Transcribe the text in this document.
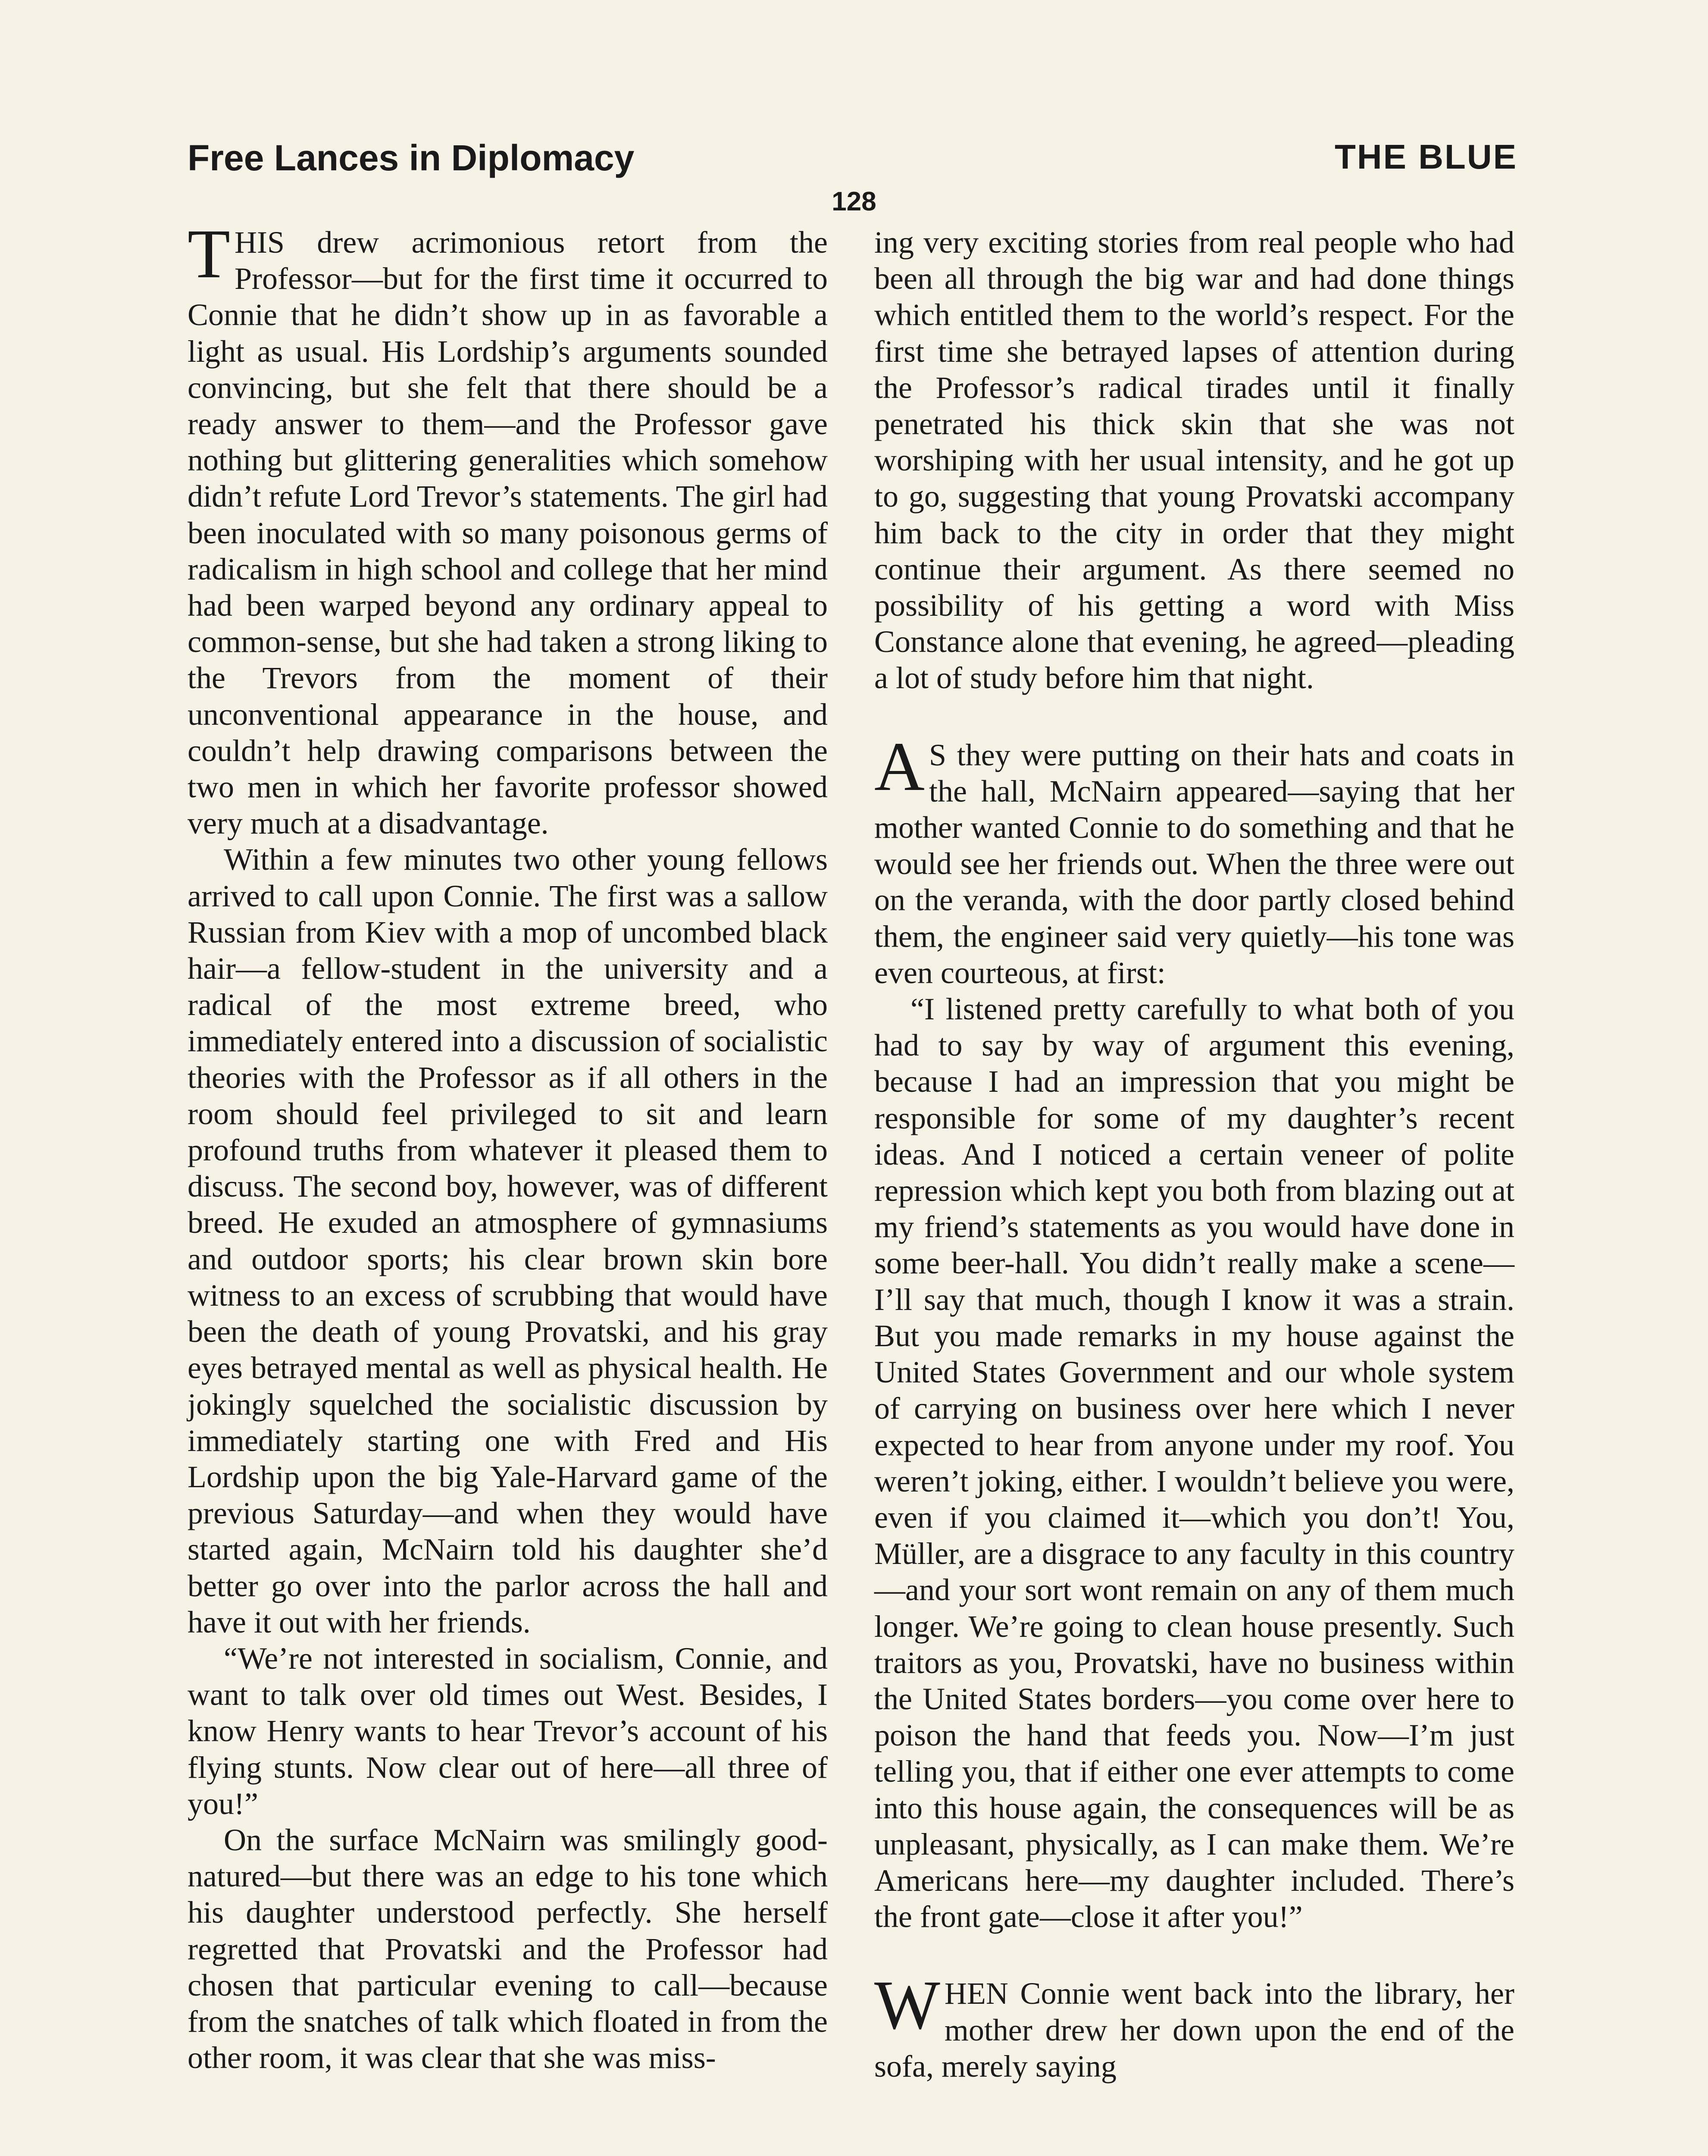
Free Lances in Diplomacy	THE BLUE
128

THIS drew acrimonious retort from the Professor—but for the first time it occurred to Connie that he didn’t show up in as favorable a light as usual. His Lordship’s arguments sounded convincing, but she felt that there should be a ready answer to them—and the Professor gave nothing but glittering generalities which somehow didn’t refute Lord Trevor’s statements. The girl had been inoculated with so many poisonous germs of radicalism in high school and college that her mind had been warped beyond any ordinary appeal to common-sense, but she had taken a strong liking to the Trevors from the moment of their unconventional appearance in the house, and couldn’t help drawing comparisons between the two men in which her favorite professor showed very much at a disadvantage.

Within a few minutes two other young fellows arrived to call upon Connie. The first was a sallow Russian from Kiev with a mop of uncombed black hair—a fellow-student in the university and a radical of the most extreme breed, who immediately entered into a discussion of socialistic theories with the Professor as if all others in the room should feel privileged to sit and learn profound truths from whatever it pleased them to discuss. The second boy, however, was of different breed. He exuded an atmosphere of gymnasiums and outdoor sports; his clear brown skin bore witness to an excess of scrubbing that would have been the death of young Provatski, and his gray eyes betrayed mental as well as physical health. He jokingly squelched the socialistic discussion by immediately starting one with Fred and His Lordship upon the big Yale-Harvard game of the previous Saturday—and when they would have started again, McNairn told his daughter she’d better go over into the parlor across the hall and have it out with her friends.

“We’re not interested in socialism, Connie, and want to talk over old times out West. Besides, I know Henry wants to hear Trevor’s account of his flying stunts. Now clear out of here—all three of you!”

On the surface McNairn was smilingly good-natured—but there was an edge to his tone which his daughter understood perfectly. She herself regretted that Provatski and the Professor had chosen that particular evening to call—because from the snatches of talk which floated in from the other room, it was clear that she was miss-

ing very exciting stories from real people who had been all through the big war and had done things which entitled them to the world’s respect. For the first time she betrayed lapses of attention during the Professor’s radical tirades until it finally penetrated his thick skin that she was not worshiping with her usual intensity, and he got up to go, suggesting that young Provatski accompany him back to the city in order that they might continue their argument. As there seemed no possibility of his getting a word with Miss Constance alone that evening, he agreed—pleading a lot of study before him that night.

A S they were putting on their hats and coats in the hall, McNairn appeared—saying that her mother wanted Connie to do something and that he would see her friends out. When the three were out on the veranda, with the door partly closed behind them, the engineer said very quietly—his tone was even courteous, at first:

“I listened pretty carefully to what both of you had to say by way of argument this evening, because I had an impression that you might be responsible for some of my daughter’s recent ideas. And I noticed a certain veneer of polite repression which kept you both from blazing out at my friend’s statements as you would have done in some beer-hall. You didn’t really make a scene—I’ll say that much, though I know it was a strain. But you made remarks in my house against the United States Government and our whole system of carrying on business over here which I never expected to hear from anyone under my roof. You weren’t joking, either. I wouldn’t believe you were, even if you claimed it—which you don’t! You, Müller, are a disgrace to any faculty in this country—and your sort wont remain on any of them much longer. We’re going to clean house presently. Such traitors as you, Provatski, have no business within the United States borders—you come over here to poison the hand that feeds you. Now—I’m just telling you, that if either one ever attempts to come into this house again, the consequences will be as unpleasant, physically, as I can make them. We’re Americans here—my daughter included. There’s the front gate—close it after you!”

WHEN Connie went back into the library, her mother drew her down upon the end of the sofa, merely saying
